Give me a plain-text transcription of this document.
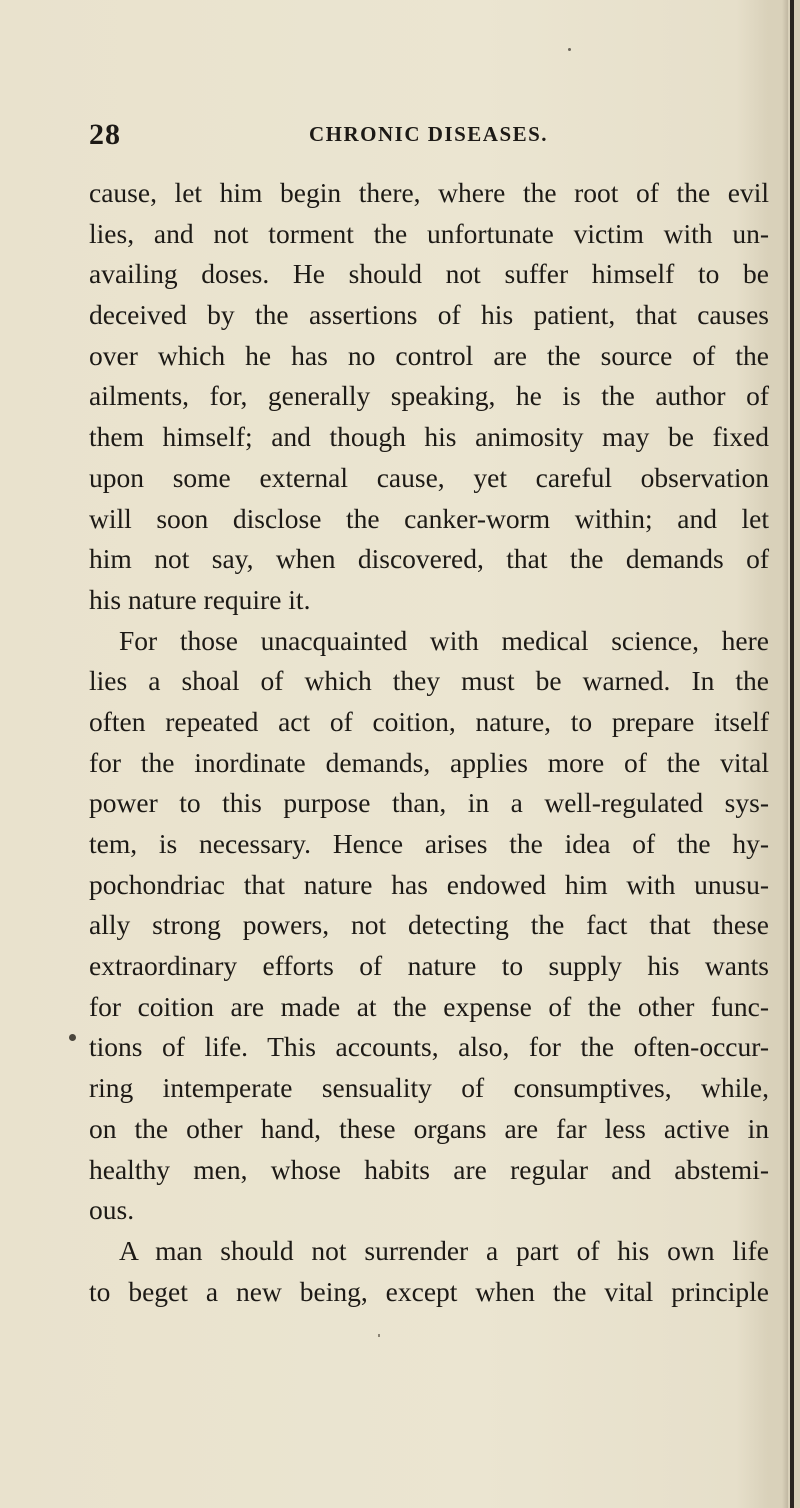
28	CHRONIC DISEASES.
cause, let him begin there, where the root of the evil
lies, and not torment the unfortunate victim with un-
availing doses. He should not suffer himself to be
deceived by the assertions of his patient, that causes
over which he has no control are the source of the
ailments, for, generally speaking, he is the author of
them himself; and though his animosity may be fixed
upon some external cause, yet careful observation
will soon disclose the canker-worm within; and let
him not say, when discovered, that the demands of
his nature require it.
For those unacquainted with medical science, here
lies a shoal of which they must be warned. In the
often repeated act of coition, nature, to prepare itself
for the inordinate demands, applies more of the vital
power to this purpose than, in a well-regulated sys-
tem, is necessary. Hence arises the idea of the hy-
pochondriac that nature has endowed him with unusu-
ally strong powers, not detecting the fact that these
extraordinary efforts of nature to supply his wants
for coition are made at the expense of the other func-
tions of life. This accounts, also, for the often-occur-
ring intemperate sensuality of consumptives, while,
on the other hand, these organs are far less active in
healthy men, whose habits are regular and abstemi-
ous.
A man should not surrender a part of his own life
to beget a new being, except when the vital principle
